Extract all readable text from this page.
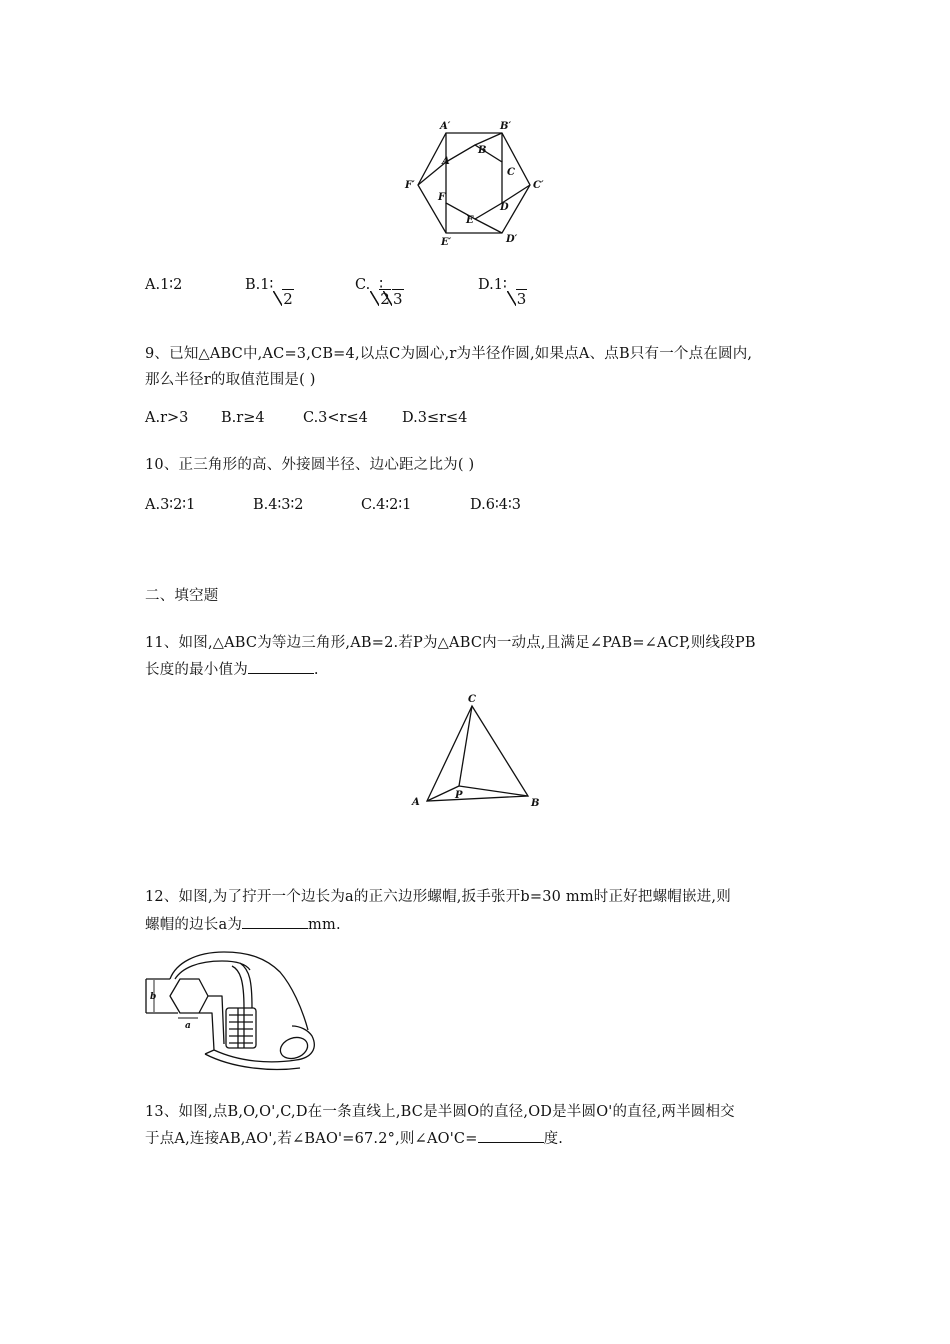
A′	B′
C′
D′
E′
F′
A
B
C
D
E
F
A.1∶2	B.1∶
2
C.
2
∶
3
D.1∶
3
9、已知△ABC中,AC=3,CB=4,以点C为圆心,r为半径作圆,如果点A、点B只有一个点在圆内,
那么半径r的取值范围是( )
A.r>3 B.r≥4	C.3<r≤4 D.3≤r≤4
10、正三角形的高、外接圆半径、边心距之比为( )
A.3∶2∶1	B.4∶3∶2	C.4∶2∶1	D.6∶4∶3
二、填空题
11、如图,△ABC为等边三角形,AB=2.若P为△ABC内一动点,且满足∠PAB=∠ACP,则线段PB
长度的最小值为	.
C
A	B
P
12、如图,为了拧开一个边长为a的正六边形螺帽,扳手张开b=30 mm时正好把螺帽嵌进,则
螺帽的边长a为	mm.
b
a
13、如图,点B,O,O',C,D在一条直线上,BC是半圆O的直径,OD是半圆O'的直径,两半圆相交
于点A,连接AB,AO',若∠BAO'=67.2°,则∠AO'C=	度.
